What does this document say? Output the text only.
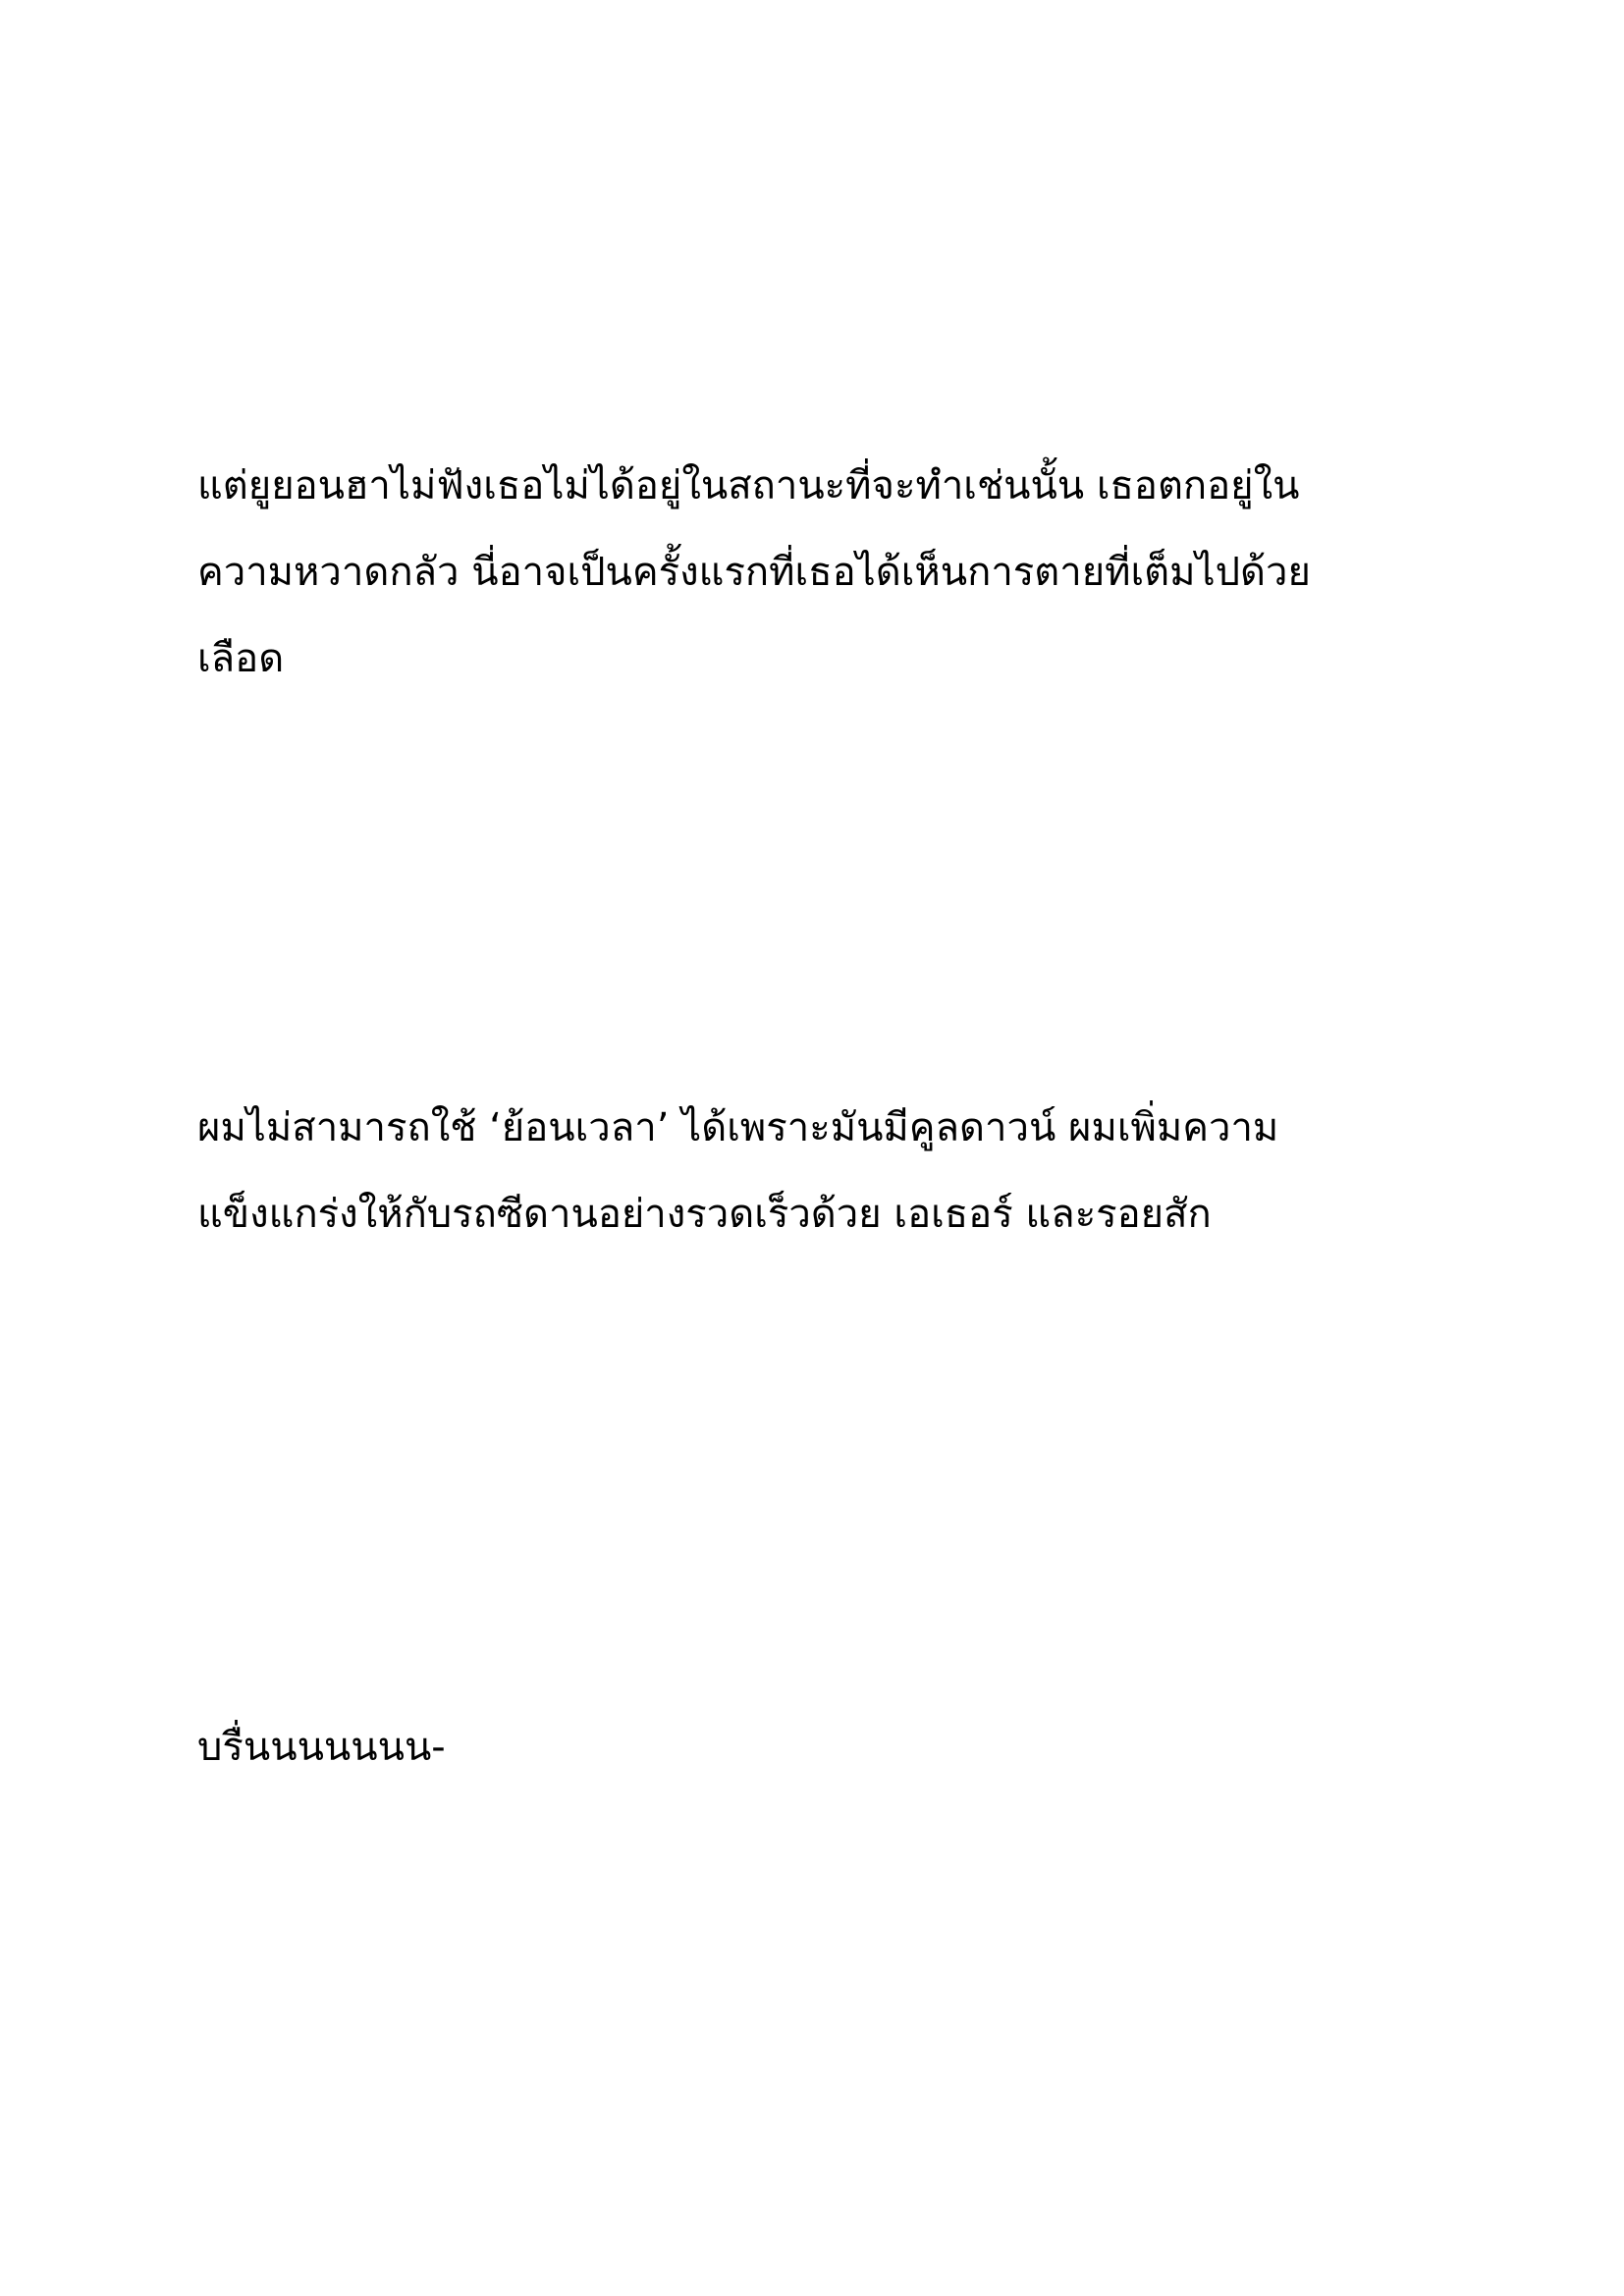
แต่ยูยอนฮาไม่ฟังเธอไม่ได้อยู่ในสถานะที่จะทำเช่นนั้น เธอตกอยู่ใน
ความหวาดกลัว นี่อาจเป็นครั้งแรกที่เธอได้เห็นการตายที่เต็มไปด้วย
เลือด

ผมไม่สามารถใช้ ‘ย้อนเวลา’ ได้เพราะมันมีคูลดาวน์ ผมเพิ่มความ
แข็งแกร่งให้กับรถซีดานอย่างรวดเร็วด้วย เอเธอร์ และรอยสัก

บรื่นนนนนนน-
